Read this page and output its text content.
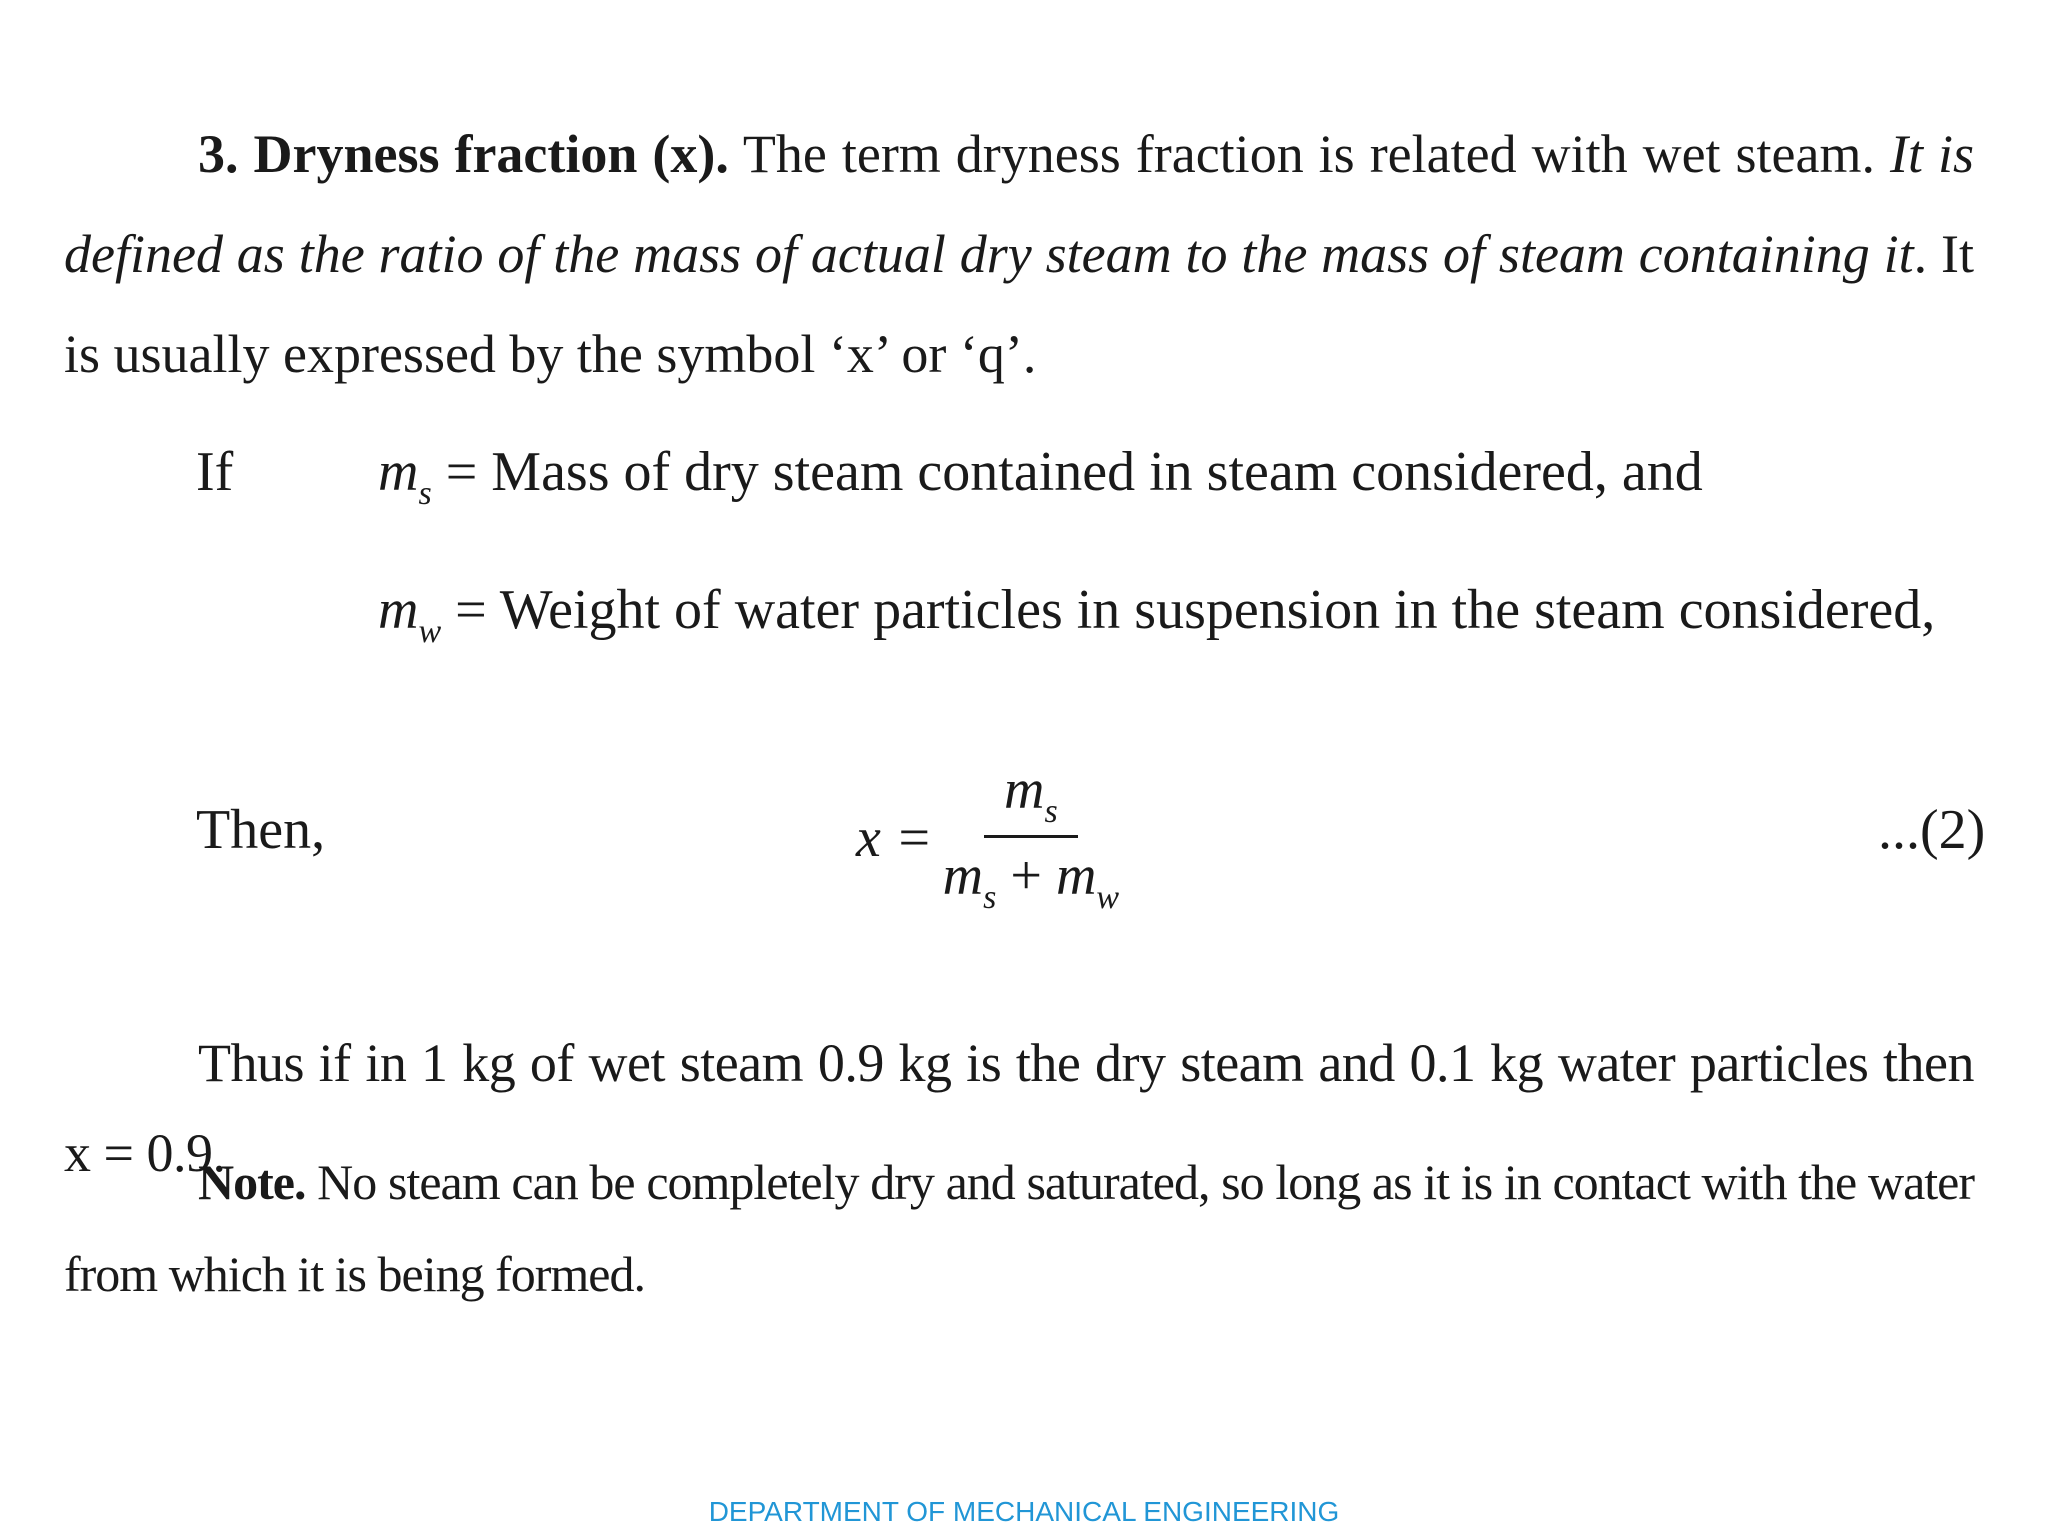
3. Dryness fraction (x). The term dryness fraction is related with wet steam. It is defined as the ratio of the mass of actual dry steam to the mass of steam containing it. It is usually expressed by the symbol ‘x’ or ‘q’.
If	$m_s$ = Mass of dry steam contained in steam considered, and
$m_w$ = Weight of water particles in suspension in the steam considered,
Then,	$x = \frac{m_s}{m_s + m_w}$	...(2)
Thus if in 1 kg of wet steam 0.9 kg is the dry steam and 0.1 kg water particles then x = 0.9.
Note. No steam can be completely dry and saturated, so long as it is in contact with the water from which it is being formed.
DEPARTMENT OF MECHANICAL ENGINEERING
